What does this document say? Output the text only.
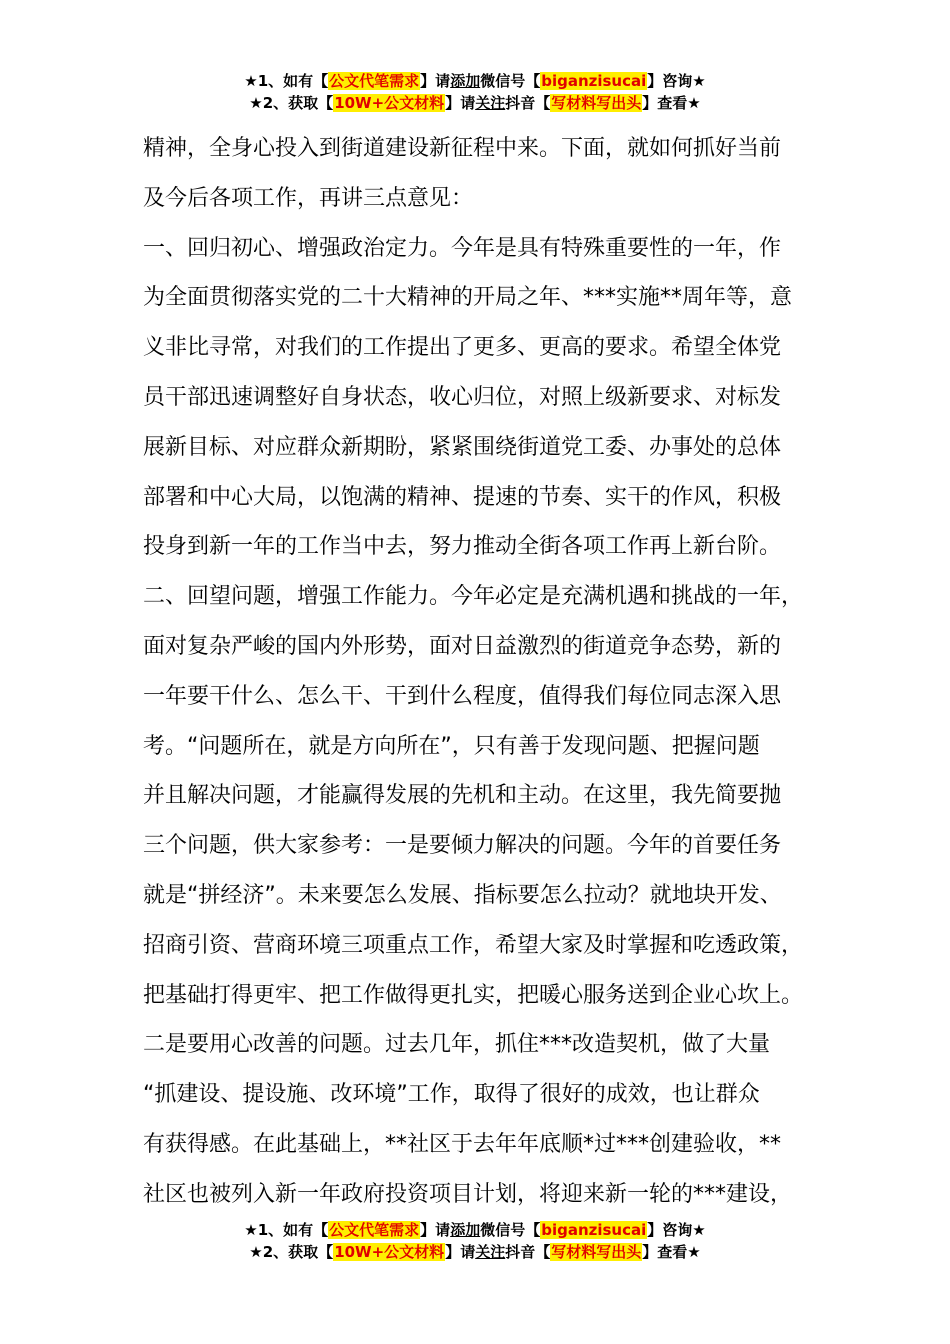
★1、如有【公文代笔需求】请添加微信号【biganzisucai】咨询★
★2、获取【10W+公文材料】请关注抖音【写材料写出头】查看★
精神，全身心投入到街道建设新征程中来。下面，就如何抓好当前
及今后各项工作，再讲三点意见：
一、回归初心、增强政治定力。今年是具有特殊重要性的一年，作
为全面贯彻落实党的二十大精神的开局之年、***实施**周年等，意
义非比寻常，对我们的工作提出了更多、更高的要求。希望全体党
员干部迅速调整好自身状态，收心归位，对照上级新要求、对标发
展新目标、对应群众新期盼，紧紧围绕街道党工委、办事处的总体
部署和中心大局，以饱满的精神、提速的节奏、实干的作风，积极
投身到新一年的工作当中去，努力推动全街各项工作再上新台阶。
二、回望问题，增强工作能力。今年必定是充满机遇和挑战的一年，
面对复杂严峻的国内外形势，面对日益激烈的街道竞争态势，新的
一年要干什么、怎么干、干到什么程度，值得我们每位同志深入思
考。“问题所在，就是方向所在”，只有善于发现问题、把握问题
并且解决问题，才能赢得发展的先机和主动。在这里，我先简要抛
三个问题，供大家参考：一是要倾力解决的问题。今年的首要任务
就是“拼经济”。未来要怎么发展、指标要怎么拉动？就地块开发、
招商引资、营商环境三项重点工作，希望大家及时掌握和吃透政策，
把基础打得更牢、把工作做得更扎实，把暖心服务送到企业心坎上。
二是要用心改善的问题。过去几年，抓住***改造契机，做了大量
“抓建设、提设施、改环境”工作，取得了很好的成效，也让群众
有获得感。在此基础上，**社区于去年年底顺*过***创建验收，**
社区也被列入新一年政府投资项目计划，将迎来新一轮的***建设，
★1、如有【公文代笔需求】请添加微信号【biganzisucai】咨询★
★2、获取【10W+公文材料】请关注抖音【写材料写出头】查看★
